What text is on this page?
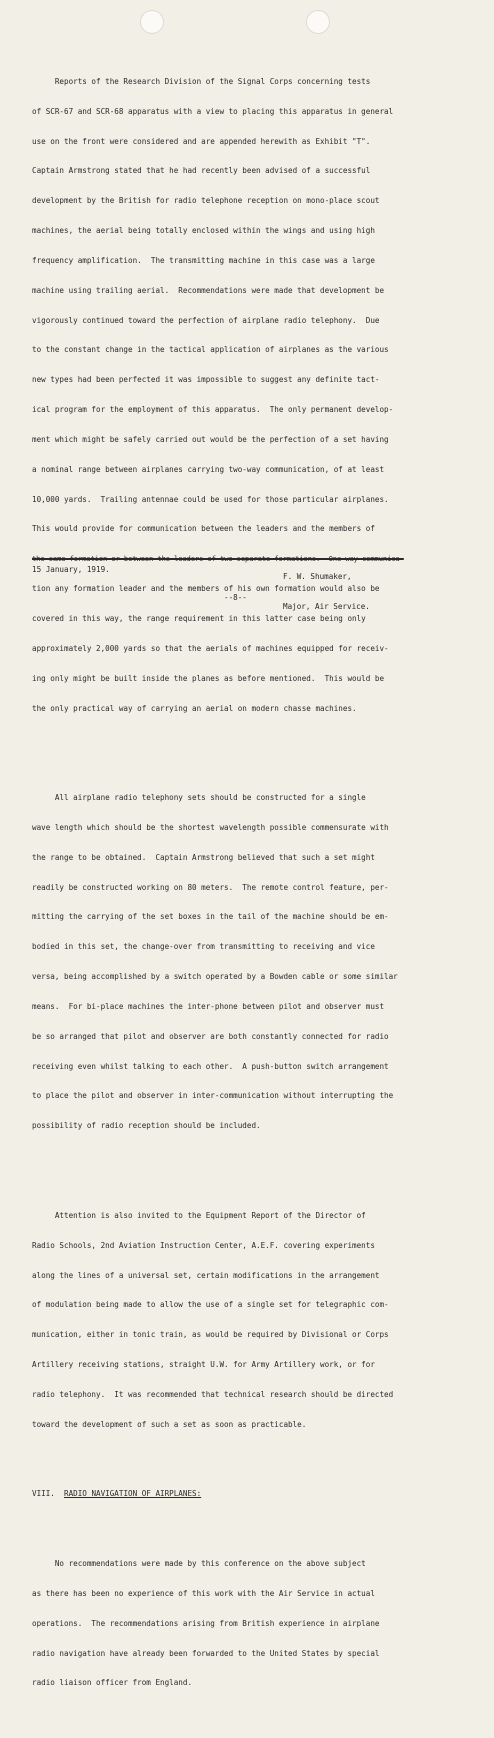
Reports of the Research Division of the Signal Corps concerning tests

of SCR-67 and SCR-68 apparatus with a view to placing this apparatus in general

use on the front were considered and are appended herewith as Exhibit "T".

Captain Armstrong stated that he had recently been advised of a successful

development by the British for radio telephone reception on mono-place scout

machines, the aerial being totally enclosed within the wings and using high

frequency amplification.  The transmitting machine in this case was a large

machine using trailing aerial.  Recommendations were made that development be

vigorously continued toward the perfection of airplane radio telephony.  Due

to the constant change in the tactical application of airplanes as the various

new types had been perfected it was impossible to suggest any definite tact-

ical program for the employment of this apparatus.  The only permanent develop-

ment which might be safely carried out would be the perfection of a set having

a nominal range between airplanes carrying two-way communication, of at least

10,000 yards.  Trailing antennae could be used for those particular airplanes.

This would provide for communication between the leaders and the members of

the same formation or between the leaders of two separate formations.  One-way communica-

tion any formation leader and the members of his own formation would also be

covered in this way, the range requirement in this latter case being only

approximately 2,000 yards so that the aerials of machines equipped for receiv-

ing only might be built inside the planes as before mentioned.  This would be

the only practical way of carrying an aerial on modern chasse machines.

All airplane radio telephony sets should be constructed for a single

wave length which should be the shortest wavelength possible commensurate with

the range to be obtained.  Captain Armstrong believed that such a set might

readily be constructed working on 80 meters.  The remote control feature, per-

mitting the carrying of the set boxes in the tail of the machine should be em-

bodied in this set, the change-over from transmitting to receiving and vice

versa, being accomplished by a switch operated by a Bowden cable or some similar

means.  For bi-place machines the inter-phone between pilot and observer must

be so arranged that pilot and observer are both constantly connected for radio

receiving even whilst talking to each other.  A push-button switch arrangement

to place the pilot and observer in inter-communication without interrupting the

possibility of radio reception should be included.

Attention is also invited to the Equipment Report of the Director of

Radio Schools, 2nd Aviation Instruction Center, A.E.F. covering experiments

along the lines of a universal set, certain modifications in the arrangement

of modulation being made to allow the use of a single set for telegraphic com-

munication, either in tonic train, as would be required by Divisional or Corps

Artillery receiving stations, straight U.W. for Army Artillery work, or for

radio telephony.  It was recommended that technical research should be directed

toward the development of such a set as soon as practicable.

VIII. RADIO NAVIGATION OF AIRPLANES:

No recommendations were made by this conference on the above subject

as there has been no experience of this work with the Air Service in actual

operations.  The recommendations arising from British experience in airplane

radio navigation have already been forwarded to the United States by special

radio liaison officer from England.

F. W. Shumaker,

Major, Air Service.

15 January, 1919.
--8--
